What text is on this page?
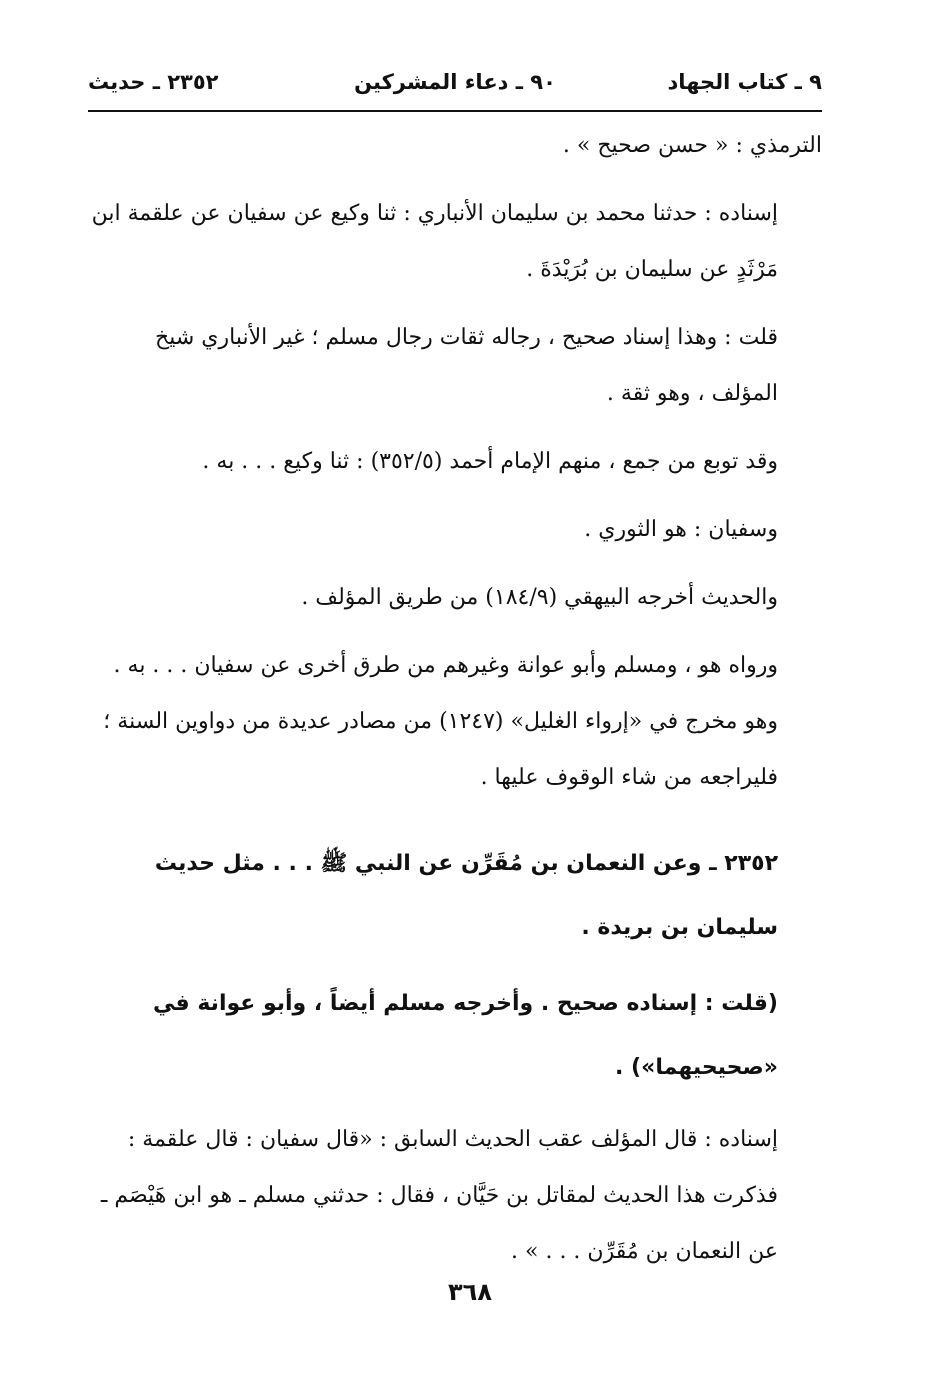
٩ ـ كتاب الجهاد
٩٠ ـ دعاء المشركين
٢٣٥٢ ـ حديث

الترمذي : « حسن صحيح » .

إسناده : حدثنا محمد بن سليمان الأنباري : ثنا وكيع عن سفيان عن علقمة ابن مَرْثَدٍ عن سليمان بن بُرَيْدَةَ .

قلت : وهذا إسناد صحيح ، رجاله ثقات رجال مسلم ؛ غير الأنباري شيخ المؤلف ، وهو ثقة .

وقد توبع من جمع ، منهم الإمام أحمد (٣٥٢/٥) : ثنا وكيع . . . به .

وسفيان : هو الثوري .

والحديث أخرجه البيهقي (١٨٤/٩) من طريق المؤلف .

ورواه هو ، ومسلم وأبو عوانة وغيرهم من طرق أخرى عن سفيان . . . به . وهو مخرج في «إرواء الغليل» (١٢٤٧) من مصادر عديدة من دواوين السنة ؛ فليراجعه من شاء الوقوف عليها .

٢٣٥٢ ـ وعن النعمان بن مُقَرِّن عن النبي ﷺ . . . مثل حديث سليمان بن بريدة .

(قلت : إسناده صحيح . وأخرجه مسلم أيضاً ، وأبو عوانة في «صحيحيهما») .

إسناده : قال المؤلف عقب الحديث السابق : «قال سفيان : قال علقمة : فذكرت هذا الحديث لمقاتل بن حَيَّان ، فقال : حدثني مسلم ـ هو ابن هَيْصَم ـ عن النعمان بن مُقَرِّن . . . » .

٣٦٨
